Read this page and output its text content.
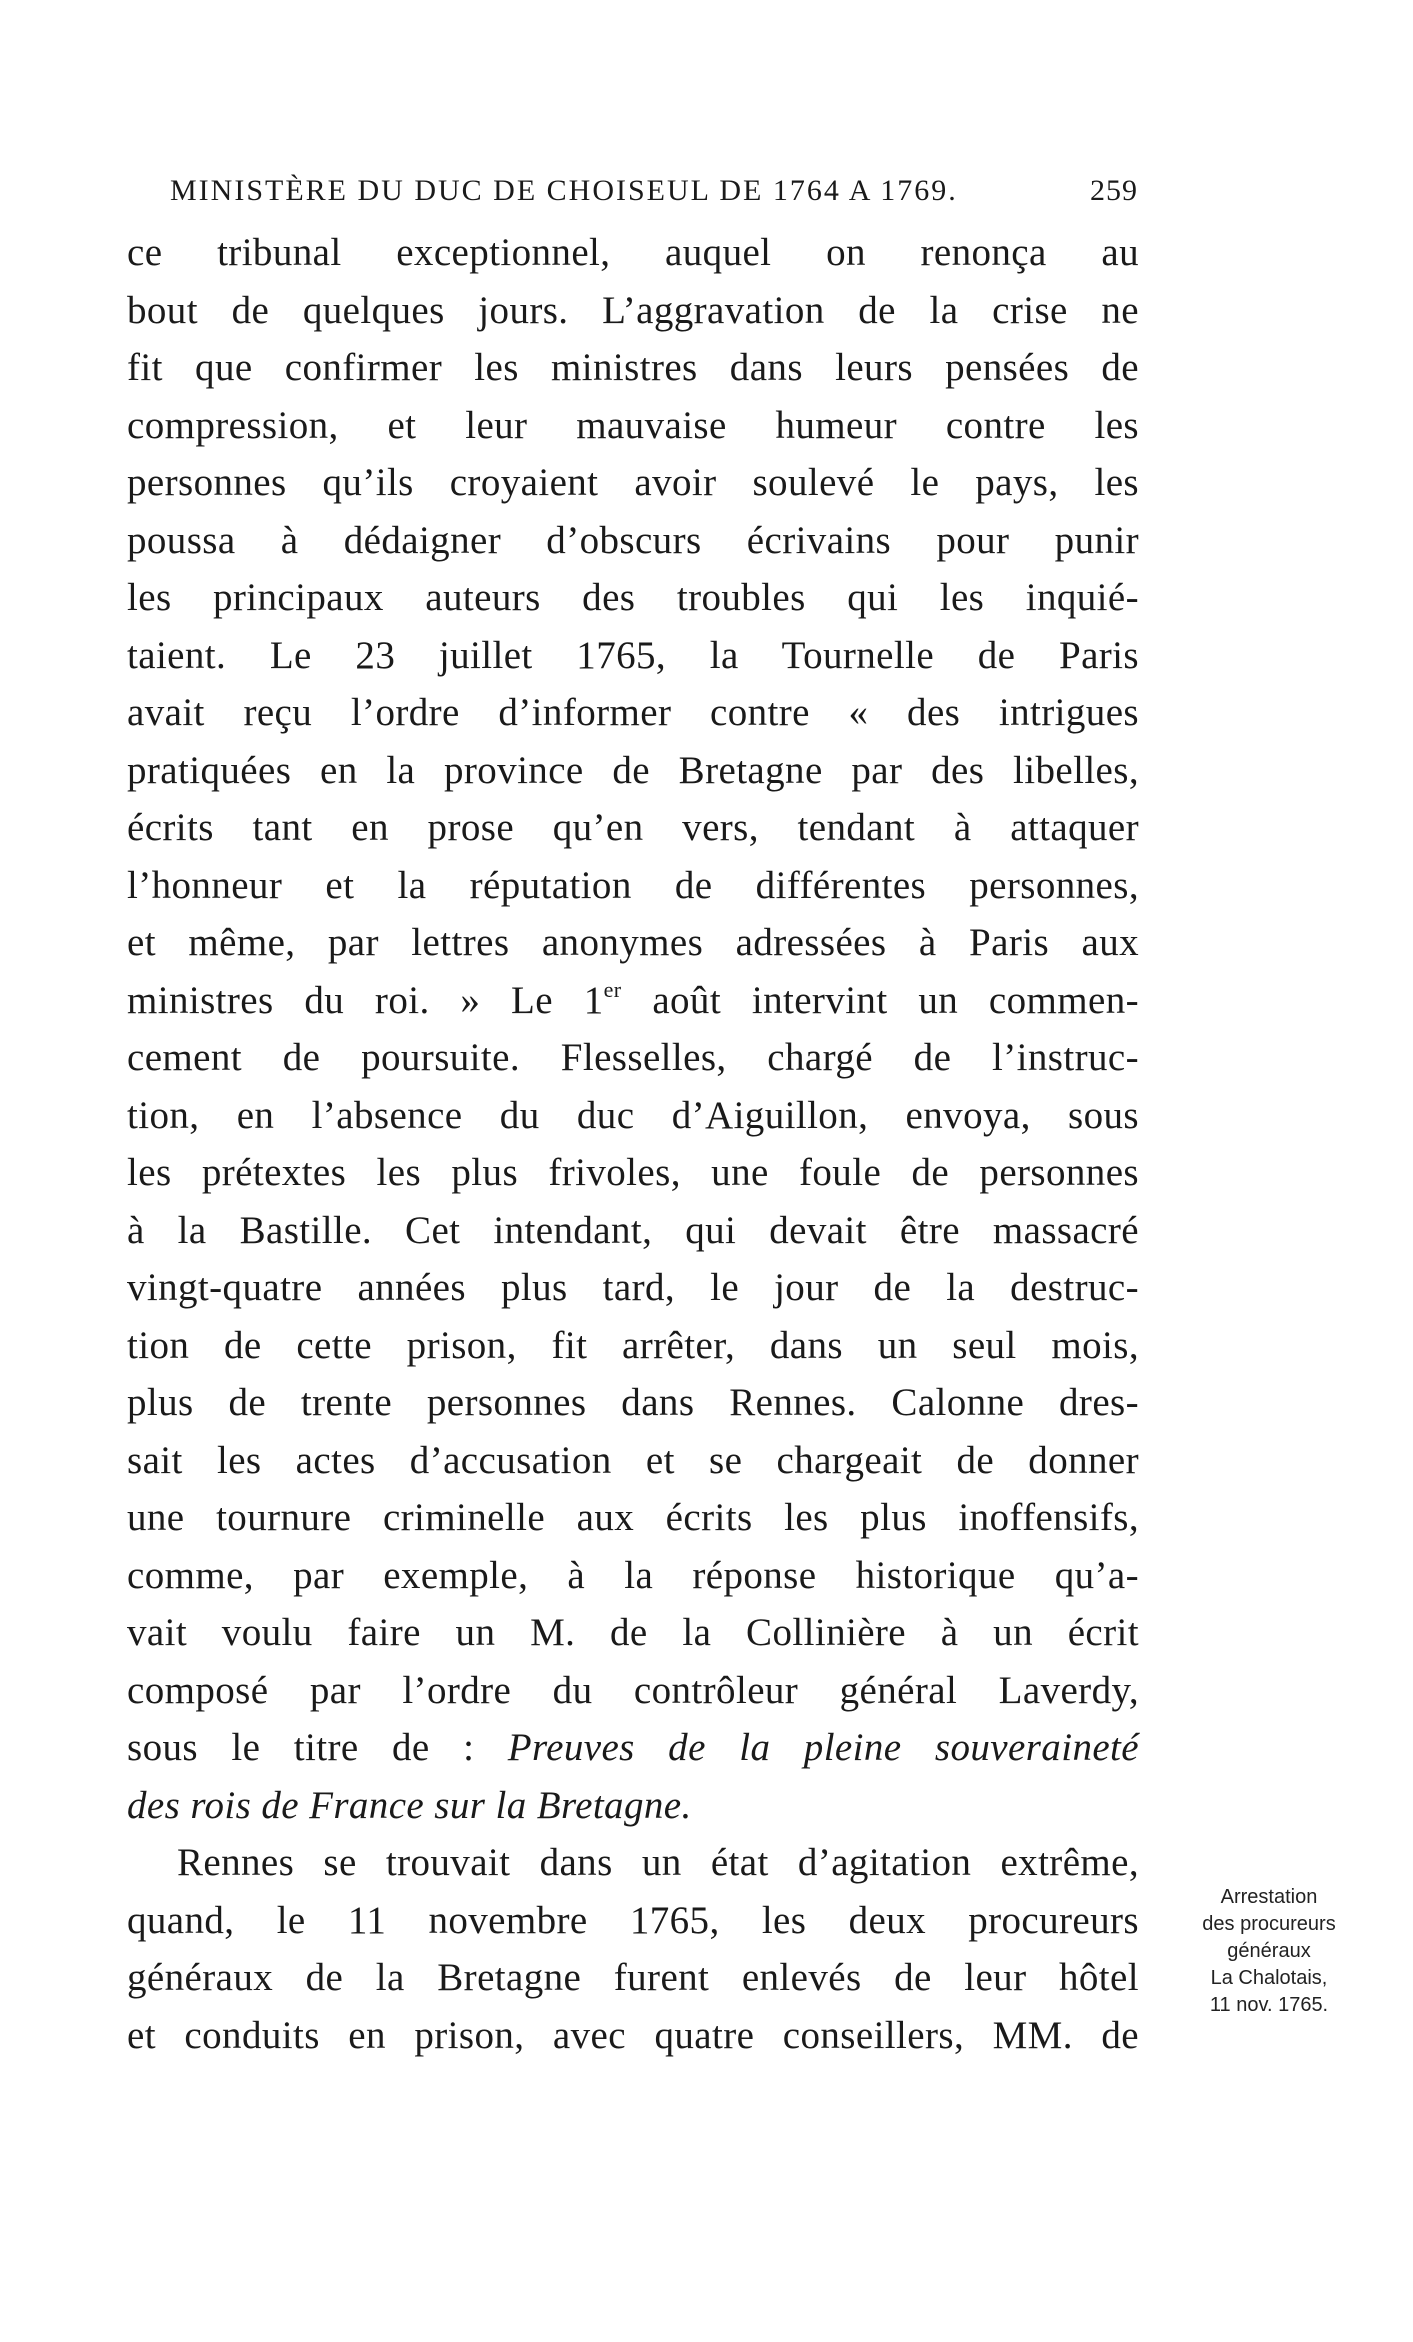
MINISTÈRE DU DUC DE CHOISEUL DE 1764 A 1769.	259
ce tribunal exceptionnel, auquel on renonça au
bout de quelques jours. L’aggravation de la crise ne
fit que confirmer les ministres dans leurs pensées de
compression, et leur mauvaise humeur contre les
personnes qu’ils croyaient avoir soulevé le pays, les
poussa à dédaigner d’obscurs écrivains pour punir
les principaux auteurs des troubles qui les inquié-
taient. Le 23 juillet 1765, la Tournelle de Paris
avait reçu l’ordre d’informer contre « des intrigues
pratiquées en la province de Bretagne par des libelles,
écrits tant en prose qu’en vers, tendant à attaquer
l’honneur et la réputation de différentes personnes,
et même, par lettres anonymes adressées à Paris aux
ministres du roi. » Le 1er août intervint un commen-
cement de poursuite. Flesselles, chargé de l’instruc-
tion, en l’absence du duc d’Aiguillon, envoya, sous
les prétextes les plus frivoles, une foule de personnes
à la Bastille. Cet intendant, qui devait être massacré
vingt-quatre années plus tard, le jour de la destruc-
tion de cette prison, fit arrêter, dans un seul mois,
plus de trente personnes dans Rennes. Calonne dres-
sait les actes d’accusation et se chargeait de donner
une tournure criminelle aux écrits les plus inoffensifs,
comme, par exemple, à la réponse historique qu’a-
vait voulu faire un M. de la Collinière à un écrit
composé par l’ordre du contrôleur général Laverdy,
sous le titre de : Preuves de la pleine souveraineté
des rois de France sur la Bretagne.
Rennes se trouvait dans un état d’agitation extrême,
quand, le 11 novembre 1765, les deux procureurs
généraux de la Bretagne furent enlevés de leur hôtel
et conduits en prison, avec quatre conseillers, MM. de
Arrestation
des procureurs
généraux
La Chalotais,
11 nov. 1765.
